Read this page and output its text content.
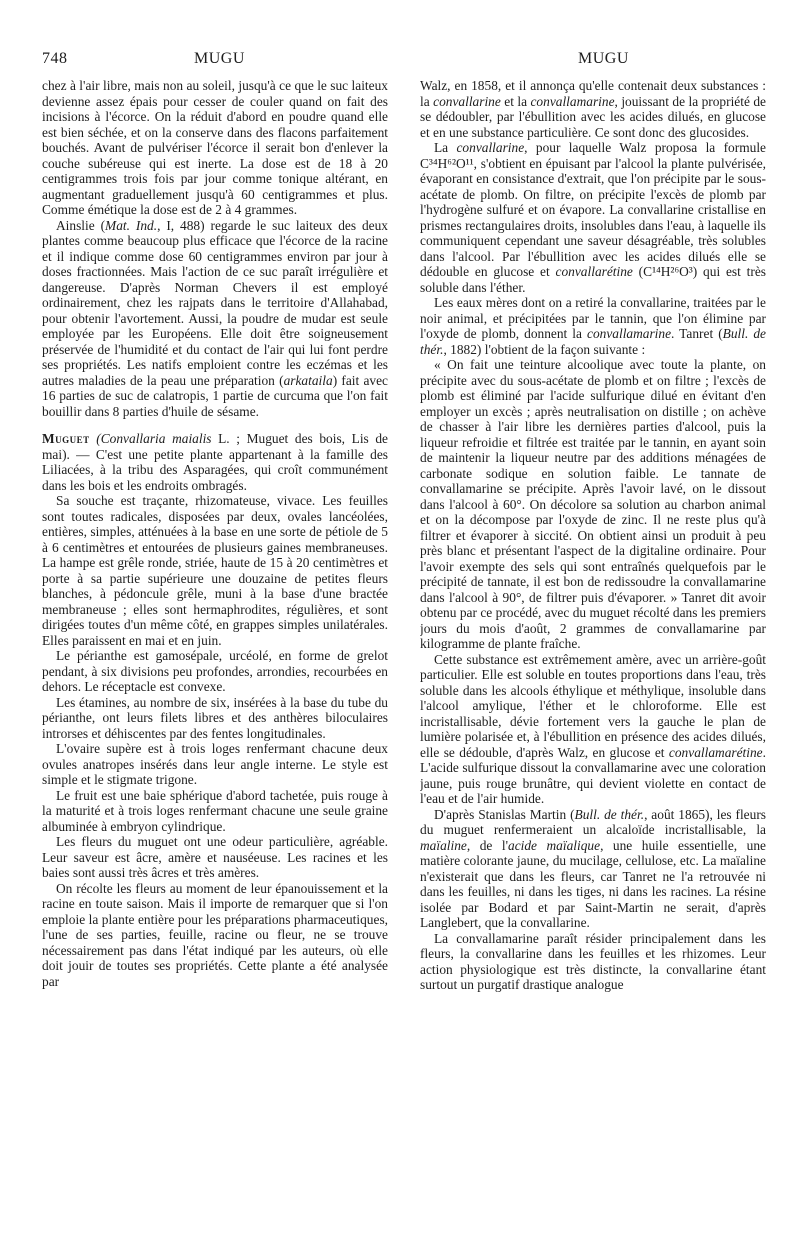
748	MUGU	MUGU

chez à l'air libre, mais non au soleil, jusqu'à ce que le suc laiteux devienne assez épais pour cesser de couler quand on fait des incisions à l'écorce. On la réduit d'abord en poudre quand elle est bien séchée, et on la conserve dans des flacons parfaitement bouchés. Avant de pulvériser l'écorce il serait bon d'enlever la couche subéreuse qui est inerte. La dose est de 18 à 20 centigrammes trois fois par jour comme tonique altérant, en augmentant graduellement jusqu'à 60 centigrammes et plus. Comme émétique la dose est de 2 à 4 grammes.

Ainslie (Mat. Ind., I, 488) regarde le suc laiteux des deux plantes comme beaucoup plus efficace que l'écorce de la racine et il indique comme dose 60 centigrammes environ par jour à doses fractionnées. Mais l'action de ce suc paraît irrégulière et dangereuse. D'après Norman Chevers il est employé ordinairement, chez les rajpats dans le territoire d'Allahabad, pour obtenir l'avortement. Aussi, la poudre de mudar est seule employée par les Européens. Elle doit être soigneusement préservée de l'humidité et du contact de l'air qui lui font perdre ses propriétés. Les natifs emploient contre les eczémas et les autres maladies de la peau une préparation (arkataila) fait avec 16 parties de suc de calatropis, 1 partie de curcuma que l'on fait bouillir dans 8 parties d'huile de sésame.

Muguet (Convallaria maialis L. ; Muguet des bois, Lis de mai). — C'est une petite plante appartenant à la famille des Liliacées, à la tribu des Asparagées, qui croît communément dans les bois et les endroits ombragés.

Sa souche est traçante, rhizomateuse, vivace. Les feuilles sont toutes radicales, disposées par deux, ovales lancéolées, entières, simples, atténuées à la base en une sorte de pétiole de 5 à 6 centimètres et entourées de plusieurs gaines membraneuses. La hampe est grêle ronde, striée, haute de 15 à 20 centimètres et porte à sa partie supérieure une douzaine de petites fleurs blanches, à pédoncule grêle, muni à la base d'une bractée membraneuse ; elles sont hermaphrodites, régulières, et sont dirigées toutes d'un même côté, en grappes simples unilatérales. Elles paraissent en mai et en juin.

Le périanthe est gamosépale, urcéolé, en forme de grelot pendant, à six divisions peu profondes, arrondies, recourbées en dehors. Le réceptacle est convexe.

Les étamines, au nombre de six, insérées à la base du tube du périanthe, ont leurs filets libres et des anthères biloculaires introrses et déhiscentes par des fentes longitudinales.

L'ovaire supère est à trois loges renfermant chacune deux ovules anatropes insérés dans leur angle interne. Le style est simple et le stigmate trigone.

Le fruit est une baie sphérique d'abord tachetée, puis rouge à la maturité et à trois loges renfermant chacune une seule graine albuminée à embryon cylindrique.

Les fleurs du muguet ont une odeur particulière, agréable. Leur saveur est âcre, amère et nauséeuse. Les racines et les baies sont aussi très âcres et très amères.

On récolte les fleurs au moment de leur épanouissement et la racine en toute saison. Mais il importe de remarquer que si l'on emploie la plante entière pour les préparations pharmaceutiques, l'une de ses parties, feuille, racine ou fleur, ne se trouve nécessairement pas dans l'état indiqué par les auteurs, où elle doit jouir de toutes ses propriétés. Cette plante a été analysée par

Walz, en 1858, et il annonça qu'elle contenait deux substances : la convallarine et la convallamarine, jouissant de la propriété de se dédoubler, par l'ébullition avec les acides dilués, en glucose et en une substance particulière. Ce sont donc des glucosides.

La convallarine, pour laquelle Walz proposa la formule C³⁴H⁶²O¹¹, s'obtient en épuisant par l'alcool la plante pulvérisée, évaporant en consistance d'extrait, que l'on précipite par le sous-acétate de plomb. On filtre, on précipite l'excès de plomb par l'hydrogène sulfuré et on évapore. La convallarine cristallise en prismes rectangulaires droits, insolubles dans l'eau, à laquelle ils communiquent cependant une saveur désagréable, très solubles dans l'alcool. Par l'ébullition avec les acides dilués elle se dédouble en glucose et convallarétine (C¹⁴H²⁶O³) qui est très soluble dans l'éther.

Les eaux mères dont on a retiré la convallarine, traitées par le noir animal, et précipitées par le tannin, que l'on élimine par l'oxyde de plomb, donnent la convallamarine. Tanret (Bull. de thér., 1882) l'obtient de la façon suivante :

« On fait une teinture alcoolique avec toute la plante, on précipite avec du sous-acétate de plomb et on filtre ; l'excès de plomb est éliminé par l'acide sulfurique dilué en évitant d'en employer un excès ; après neutralisation on distille ; on achève de chasser à l'air libre les dernières parties d'alcool, puis la liqueur refroidie et filtrée est traitée par le tannin, en ayant soin de maintenir la liqueur neutre par des additions ménagées de carbonate sodique en solution faible. Le tannate de convallamarine se précipite. Après l'avoir lavé, on le dissout dans l'alcool à 60°. On décolore sa solution au charbon animal et on la décompose par l'oxyde de zinc. Il ne reste plus qu'à filtrer et évaporer à siccité. On obtient ainsi un produit à peu près blanc et présentant l'aspect de la digitaline ordinaire. Pour l'avoir exempte des sels qui sont entraînés quelquefois par le précipité de tannate, il est bon de redissoudre la convallamarine dans l'alcool à 90°, de filtrer puis d'évaporer. » Tanret dit avoir obtenu par ce procédé, avec du muguet récolté dans les premiers jours du mois d'août, 2 grammes de convallamarine par kilogramme de plante fraîche.

Cette substance est extrêmement amère, avec un arrière-goût particulier. Elle est soluble en toutes proportions dans l'eau, très soluble dans les alcools éthylique et méthylique, insoluble dans l'alcool amylique, l'éther et le chloroforme. Elle est incristallisable, dévie fortement vers la gauche le plan de lumière polarisée et, à l'ébullition en présence des acides dilués, elle se dédouble, d'après Walz, en glucose et convallamarétine. L'acide sulfurique dissout la convallamarine avec une coloration jaune, puis rouge brunâtre, qui devient violette en contact de l'eau et de l'air humide.

D'après Stanislas Martin (Bull. de thér., août 1865), les fleurs du muguet renfermeraient un alcaloïde incristallisable, la maïaline, de l'acide maïalique, une huile essentielle, une matière colorante jaune, du mucilage, cellulose, etc. La maïaline n'existerait que dans les fleurs, car Tanret ne l'a retrouvée ni dans les feuilles, ni dans les tiges, ni dans les racines. La résine isolée par Bodard et par Saint-Martin ne serait, d'après Langlebert, que la convallarine.

La convallamarine paraît résider principalement dans les fleurs, la convallarine dans les feuilles et les rhizomes. Leur action physiologique est très distincte, la convallarine étant surtout un purgatif drastique analogue
